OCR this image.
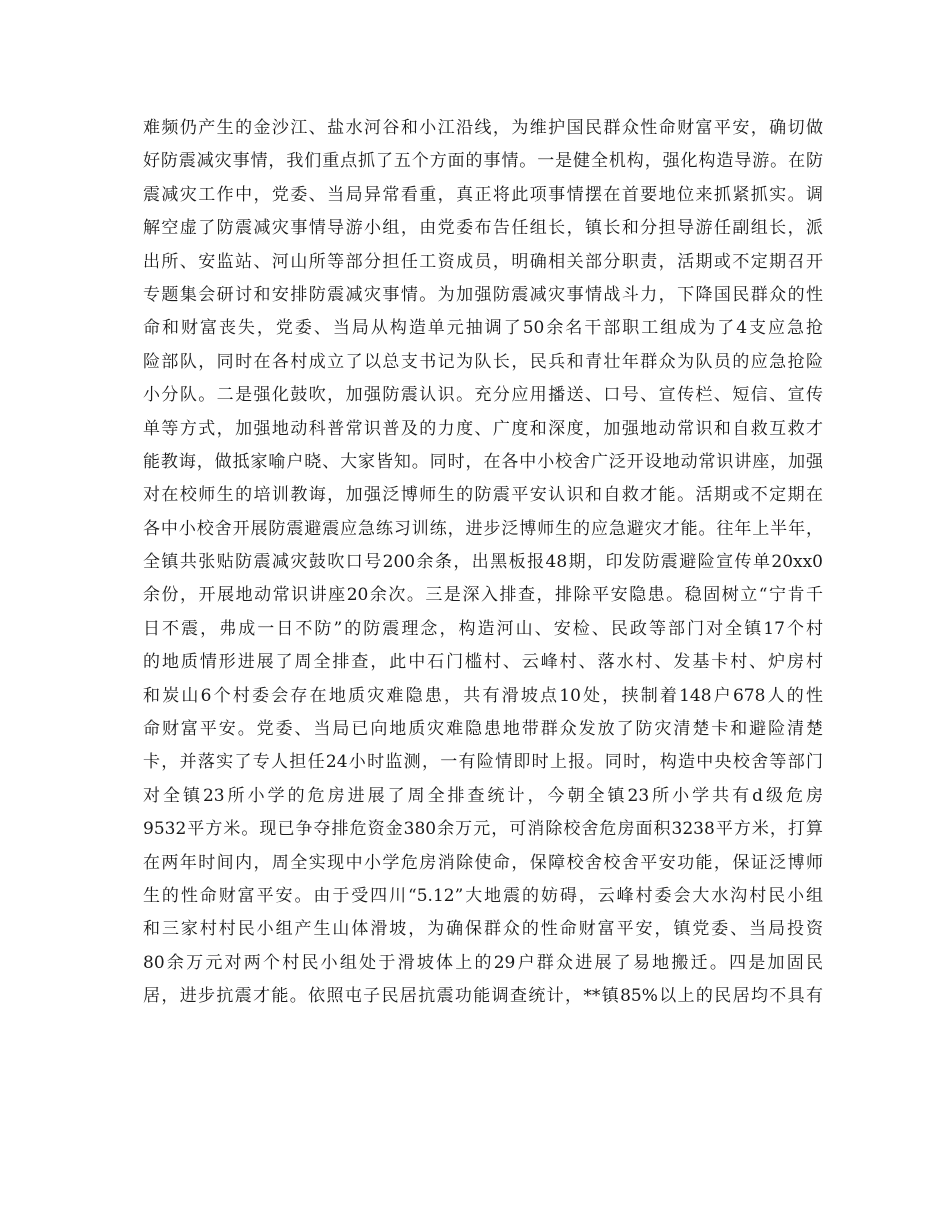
难频仍产生的金沙江、盐水河谷和小江沿线，为维护国民群众性命财富平安，确切做
好防震减灾事情，我们重点抓了五个方面的事情。一是健全机构，强化构造导游。在防
震减灾工作中，党委、当局异常看重，真正将此项事情摆在首要地位来抓紧抓实。调
解空虚了防震减灾事情导游小组，由党委布告任组长，镇长和分担导游任副组长，派
出所、安监站、河山所等部分担任工资成员，明确相关部分职责，活期或不定期召开
专题集会研讨和安排防震减灾事情。为加强防震减灾事情战斗力，下降国民群众的性
命和财富丧失，党委、当局从构造单元抽调了50余名干部职工组成为了4支应急抢
险部队，同时在各村成立了以总支书记为队长，民兵和青壮年群众为队员的应急抢险
小分队。二是强化鼓吹，加强防震认识。充分应用播送、口号、宣传栏、短信、宣传
单等方式，加强地动科普常识普及的力度、广度和深度，加强地动常识和自救互救才
能教诲，做抵家喻户晓、大家皆知。同时，在各中小校舍广泛开设地动常识讲座，加强
对在校师生的培训教诲，加强泛博师生的防震平安认识和自救才能。活期或不定期在
各中小校舍开展防震避震应急练习训练，进步泛博师生的应急避灾才能。往年上半年，
全镇共张贴防震减灾鼓吹口号200余条，出黑板报48期，印发防震避险宣传单20xx0
余份，开展地动常识讲座20余次。三是深入排查，排除平安隐患。稳固树立“宁肯千
日不震，弗成一日不防”的防震理念，构造河山、安检、民政等部门对全镇17个村
的地质情形进展了周全排查，此中石门槛村、云峰村、落水村、发基卡村、炉房村
和炭山6个村委会存在地质灾难隐患，共有滑坡点10处，挟制着148户678人的性
命财富平安。党委、当局已向地质灾难隐患地带群众发放了防灾清楚卡和避险清楚
卡，并落实了专人担任24小时监测，一有险情即时上报。同时，构造中央校舍等部门
对全镇23所小学的危房进展了周全排查统计，今朝全镇23所小学共有d级危房
9532平方米。现已争夺排危资金380余万元，可消除校舍危房面积3238平方米，打算
在两年时间内，周全实现中小学危房消除使命，保障校舍校舍平安功能，保证泛博师
生的性命财富平安。由于受四川“5.12”大地震的妨碍，云峰村委会大水沟村民小组
和三家村村民小组产生山体滑坡，为确保群众的性命财富平安，镇党委、当局投资
80余万元对两个村民小组处于滑坡体上的29户群众进展了易地搬迁。四是加固民
居，进步抗震才能。依照屯子民居抗震功能调查统计，**镇85%以上的民居均不具有
